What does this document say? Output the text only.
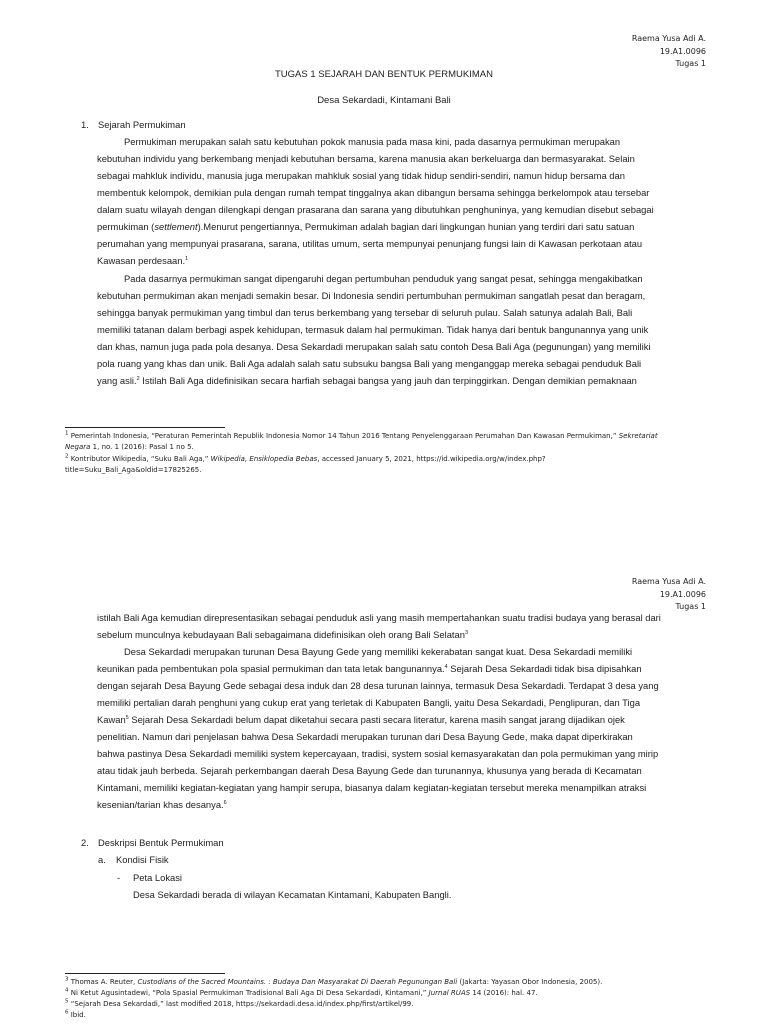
Raema Yusa Adi A.
19.A1.0096
Tugas 1
TUGAS 1 SEJARAH DAN BENTUK PERMUKIMAN
Desa Sekardadi, Kintamani Bali
1. Sejarah Permukiman
Permukiman merupakan salah satu kebutuhan pokok manusia pada masa kini, pada dasarnya permukiman merupakan
kebutuhan individu yang berkembang menjadi kebutuhan bersama, karena manusia akan berkeluarga dan bermasyarakat. Selain
sebagai mahkluk individu, manusia juga merupakan mahkluk sosial yang tidak hidup sendiri-sendiri, namun hidup bersama dan
membentuk kelompok, demikian pula dengan rumah tempat tinggalnya akan dibangun bersama sehingga berkelompok atau tersebar
dalam suatu wilayah dengan dilengkapi dengan prasarana dan sarana yang dibutuhkan penghuninya, yang kemudian disebut sebagai
permukiman (settlement).Menurut pengertiannya, Permukiman adalah bagian dari lingkungan hunian yang terdiri dari satu satuan
perumahan yang mempunyai prasarana, sarana, utilitas umum, serta mempunyai penunjang fungsi lain di Kawasan perkotaan atau
Kawasan perdesaan.$^1$
Pada dasarnya permukiman sangat dipengaruhi degan pertumbuhan penduduk yang sangat pesat, sehingga mengakibatkan
kebutuhan permukiman akan menjadi semakin besar. Di Indonesia sendiri pertumbuhan permukiman sangatlah pesat dan beragam,
sehingga banyak permukiman yang timbul dan terus berkembang yang tersebar di seluruh pulau. Salah satunya adalah Bali, Bali
memiliki tatanan dalam berbagi aspek kehidupan, termasuk dalam hal permukiman. Tidak hanya dari bentuk bangunannya yang unik
dan khas, namun juga pada pola desanya. Desa Sekardadi merupakan salah satu contoh Desa Bali Aga (pegunungan) yang memiliki
pola ruang yang khas dan unik. Bali Aga adalah salah satu subsuku bangsa Bali yang menganggap mereka sebagai penduduk Bali
yang asli.$^2$ Istilah Bali Aga didefinisikan secara harfiah sebagai bangsa yang jauh dan terpinggirkan. Dengan demikian pemaknaan
$^1$ Pemerintah Indonesia, “Peraturan Pemerintah Republik Indonesia Nomor 14 Tahun 2016 Tentang Penyelenggaraan Perumahan Dan Kawasan Permukiman,” Sekretariat
Negara 1, no. 1 (2016): Pasal 1 no 5.
$^2$ Kontributor Wikipedia, “Suku Bali Aga,” Wikipedia, Ensiklopedia Bebas, accessed January 5, 2021, https://id.wikipedia.org/w/index.php?
title=Suku_Bali_Aga&oldid=17825265.
Raema Yusa Adi A.
19.A1.0096
Tugas 1
istilah Bali Aga kemudian direpresentasikan sebagai penduduk asli yang masih mempertahankan suatu tradisi budaya yang berasal dari
sebelum munculnya kebudayaan Bali sebagaimana didefinisikan oleh orang Bali Selatan$^3$
Desa Sekardadi merupakan turunan Desa Bayung Gede yang memiliki kekerabatan sangat kuat. Desa Sekardadi memiliki
keunikan pada pembentukan pola spasial permukiman dan tata letak bangunannya.$^4$ Sejarah Desa Sekardadi tidak bisa dipisahkan
dengan sejarah Desa Bayung Gede sebagai desa induk dan 28 desa turunan lainnya, termasuk Desa Sekardadi. Terdapat 3 desa yang
memiliki pertalian darah penghuni yang cukup erat yang terletak di Kabupaten Bangli, yaitu Desa Sekardadi, Penglipuran, dan Tiga
Kawan$^5$ Sejarah Desa Sekardadi belum dapat diketahui secara pasti secara literatur, karena masih sangat jarang dijadikan ojek
penelitian. Namun dari penjelasan bahwa Desa Sekardadi merupakan turunan dari Desa Bayung Gede, maka dapat diperkirakan
bahwa pastinya Desa Sekardadi memiliki system kepercayaan, tradisi, system sosial kemasyarakatan dan pola permukiman yang mirip
atau tidak jauh berbeda. Sejarah perkembangan daerah Desa Bayung Gede dan turunannya, khusunya yang berada di Kecamatan
Kintamani, memiliki kegiatan-kegiatan yang hampir serupa, biasanya dalam kegiatan-kegiatan tersebut mereka menampilkan atraksi
kesenian/tarian khas desanya.$^6$
2. Deskripsi Bentuk Permukiman
a. Kondisi Fisik
- Peta Lokasi
Desa Sekardadi berada di wilayan Kecamatan Kintamani, Kabupaten Bangli.
$^3$ Thomas A. Reuter, Custodians of the Sacred Mountains. : Budaya Dan Masyarakat Di Daerah Pegunungan Bali (Jakarta: Yayasan Obor Indonesia, 2005).
$^4$ Ni Ketut Agusintadewi, “Pola Spasial Permukiman Tradisional Bali Aga Di Desa Sekardadi, Kintamani,” Jurnal RUAS 14 (2016): hal. 47.
$^5$ “Sejarah Desa Sekardadi,” last modified 2018, https://sekardadi.desa.id/index.php/first/artikel/99.
$^6$ Ibid.
